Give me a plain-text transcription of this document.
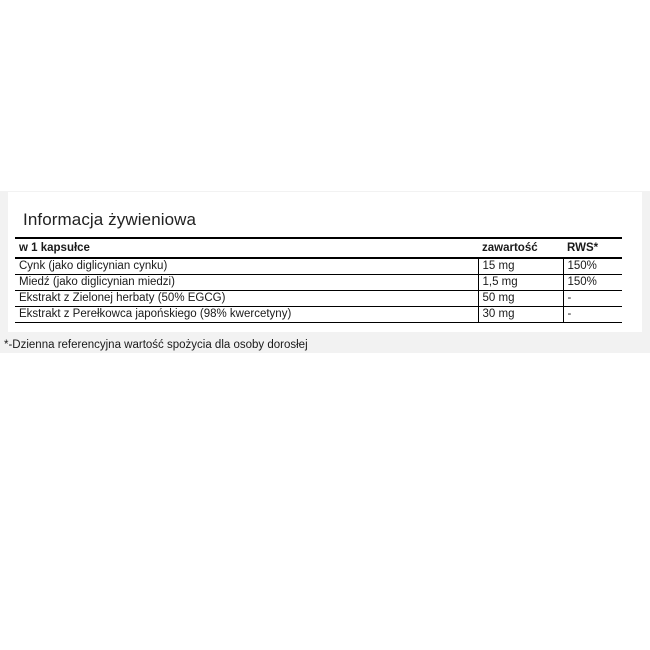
Informacja żywieniowa
w 1 kapsułce	zawartość	RWS*
Cynk (jako diglicynian cynku)	15 mg	150%
Miedź (jako diglicynian miedzi)	1,5 mg	150%
Ekstrakt z Zielonej herbaty (50% EGCG)	50 mg	-
Ekstrakt z Perełkowca japońskiego (98% kwercetyny)	30 mg	-

*-Dzienna referencyjna wartość spożycia dla osoby dorosłej
